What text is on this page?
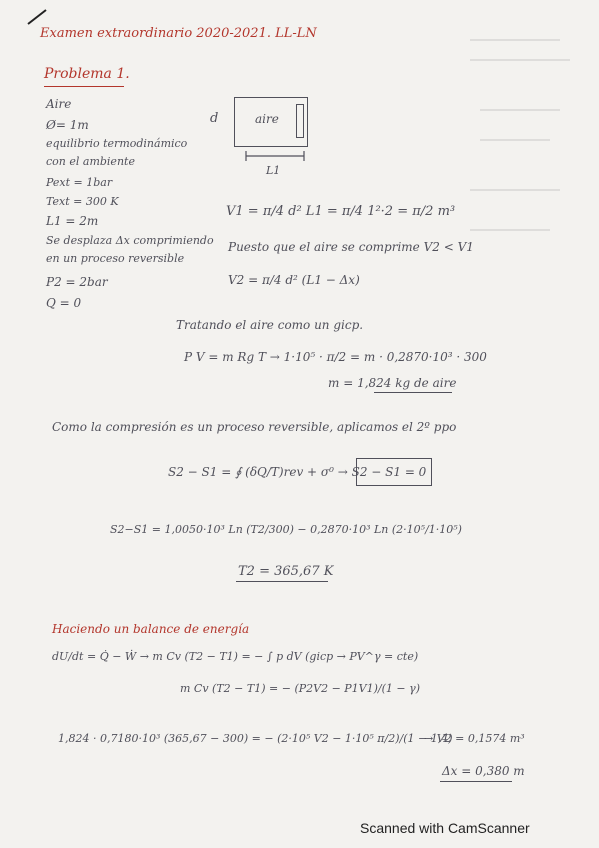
Examen extraordinario 2020-2021. LL-LN
Problema 1.
Aire
Ø= 1m
equilibrio termodinámico
con el ambiente
Pext = 1bar
Text = 300 K
L1 = 2m
Se desplaza Δx comprimiendo
en un proceso reversible
P2 = 2bar
Q = 0
d	aire
L1
V1 = π/4 d² L1 = π/4 1²·2 = π/2 m³
Puesto que el aire se comprime V2 < V1
V2 = π/4 d² (L1 − Δx)
Tratando el aire como un gicp.
P V = m Rg T → 1·10⁵ · π/2 = m · 0,2870·10³ · 300
m = 1,824 kg de aire
Como la compresión es un proceso reversible, aplicamos el 2º ppo
S2 − S1 = ∮ (δQ/T)rev + σ⁰ → S2 − S1 = 0
S2−S1 = 1,0050·10³ Ln (T2/300) − 0,2870·10³ Ln (2·10⁵/1·10⁵)
T2 = 365,67 K
Haciendo un balance de energía
dU/dt = Q̇ − Ẇ → m Cv (T2 − T1) = − ∫ p dV (gicp → PV^γ = cte)
m Cv (T2 − T1) = − (P2V2 − P1V1)/(1 − γ)
1,824 · 0,7180·10³ (365,67 − 300) = − (2·10⁵ V2 − 1·10⁵ π/2)/(1 − 1,4)
→ V2 = 0,1574 m³
Δx = 0,380 m
Scanned with CamScanner
